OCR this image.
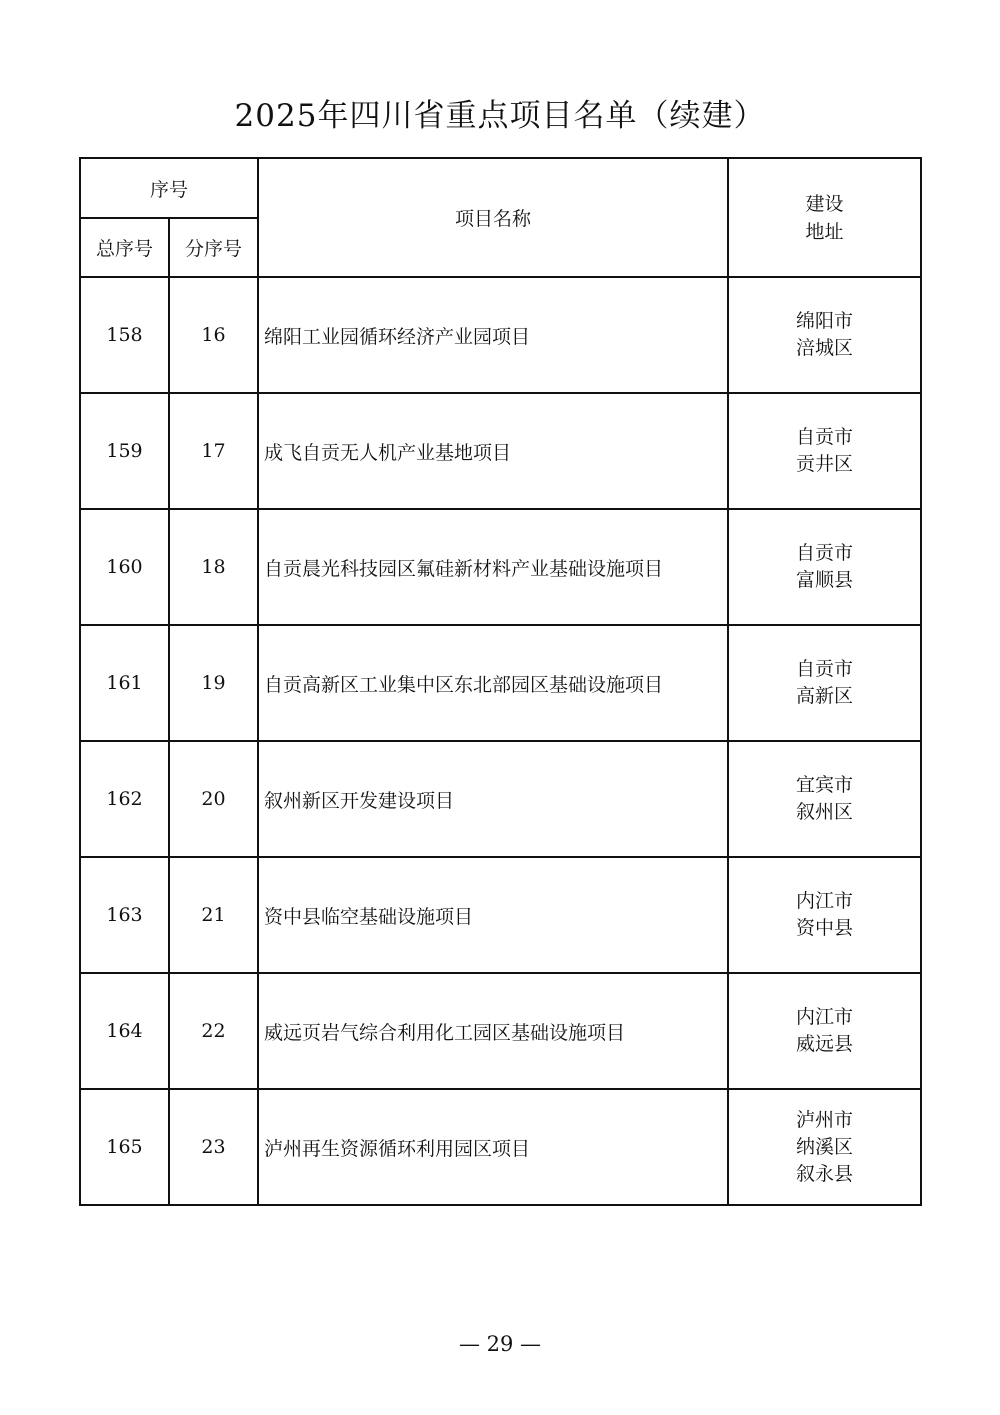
2025年四川省重点项目名单（续建）
序号		项目名称	建设
地址

总序号	分序号		
158	16	绵阳工业园循环经济产业园项目	绵阳市
涪城区

159	17	成飞自贡无人机产业基地项目	自贡市
贡井区

160	18	自贡晨光科技园区氟硅新材料产业基础设施项目	自贡市
富顺县

161	19	自贡高新区工业集中区东北部园区基础设施项目	自贡市
高新区

162	20	叙州新区开发建设项目	宜宾市
叙州区

163	21	资中县临空基础设施项目	内江市
资中县

164	22	威远页岩气综合利用化工园区基础设施项目	内江市
威远县

165	23	泸州再生资源循环利用园区项目	泸州市
纳溪区
叙永县
— 29 —
